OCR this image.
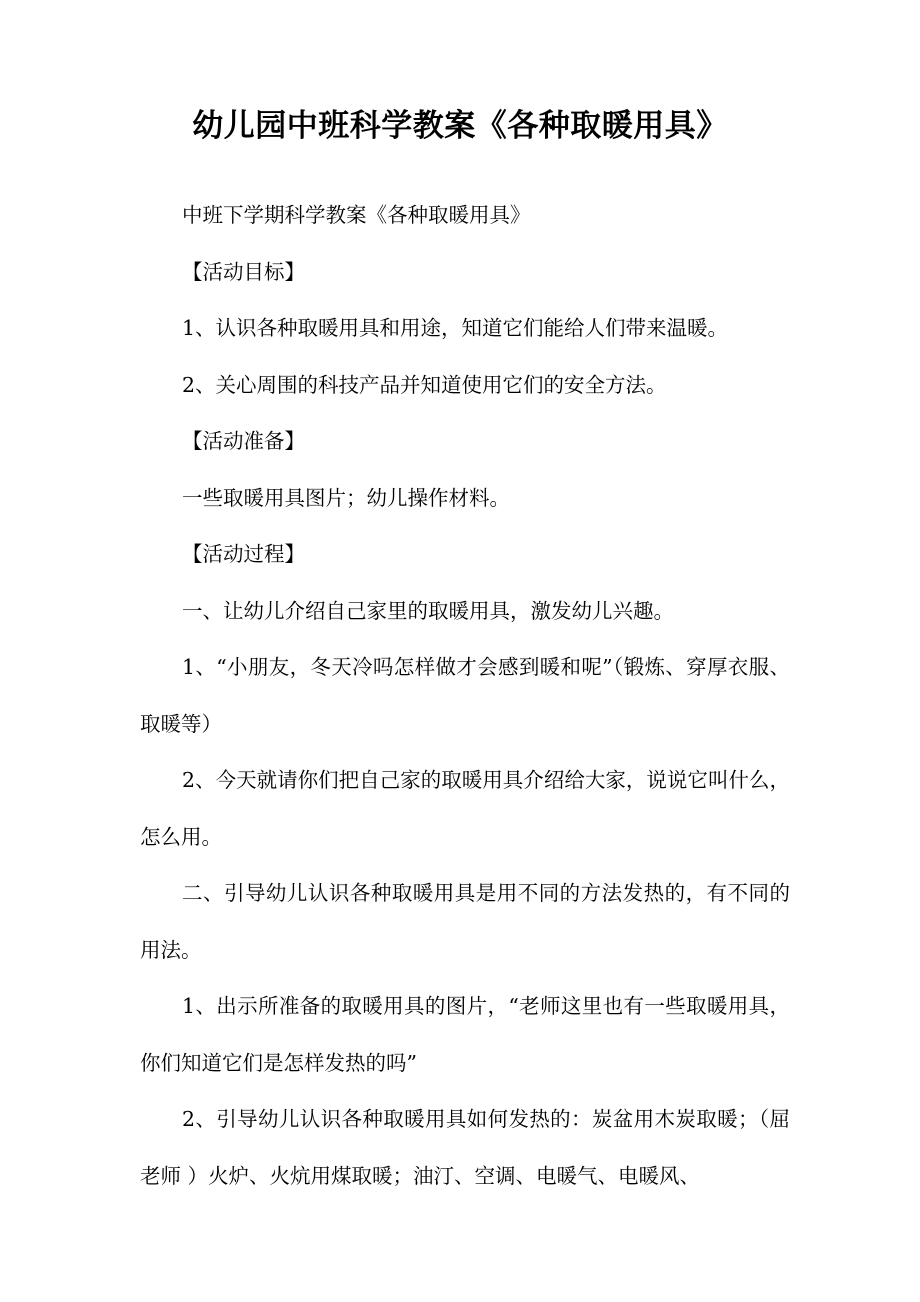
幼儿园中班科学教案《各种取暖用具》

中班下学期科学教案《各种取暖用具》

【活动目标】

1、认识各种取暖用具和用途，知道它们能给人们带来温暖。

2、关心周围的科技产品并知道使用它们的安全方法。

【活动准备】

一些取暖用具图片；幼儿操作材料。

【活动过程】

一、让幼儿介绍自己家里的取暖用具，激发幼儿兴趣。

1、“小朋友，冬天冷吗怎样做才会感到暖和呢”（锻炼、穿厚衣服、取暖等）

2、今天就请你们把自己家的取暖用具介绍给大家，说说它叫什么，怎么用。

二、引导幼儿认识各种取暖用具是用不同的方法发热的，有不同的用法。

1、出示所准备的取暖用具的图片，“老师这里也有一些取暖用具，你们知道它们是怎样发热的吗”

2、引导幼儿认识各种取暖用具如何发热的：炭盆用木炭取暖；（屈老师 ）火炉、火炕用煤取暖；油汀、空调、电暖气、电暖风、
